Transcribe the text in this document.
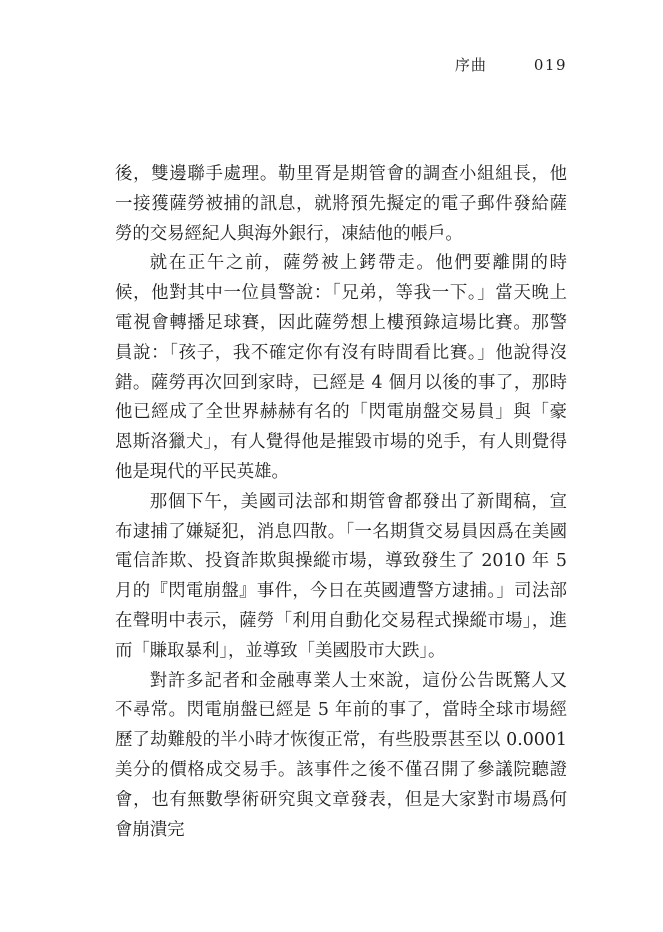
序曲	019

後，雙邊聯手處理。勒里胥是期管會的調查小組組長，他一接獲薩勞被捕的訊息，就將預先擬定的電子郵件發給薩勞的交易經紀人與海外銀行，凍結他的帳戶。

就在正午之前，薩勞被上銬帶走。他們要離開的時候，他對其中一位員警說：「兄弟，等我一下。」當天晚上電視會轉播足球賽，因此薩勞想上樓預錄這場比賽。那警員說：「孩子，我不確定你有沒有時間看比賽。」他說得沒錯。薩勞再次回到家時，已經是 4 個月以後的事了，那時他已經成了全世界赫赫有名的「閃電崩盤交易員」與「豪恩斯洛獵犬」，有人覺得他是摧毀市場的兇手，有人則覺得他是現代的平民英雄。

那個下午，美國司法部和期管會都發出了新聞稿，宣布逮捕了嫌疑犯，消息四散。「一名期貨交易員因爲在美國電信詐欺、投資詐欺與操縱市場，導致發生了 2010 年 5 月的『閃電崩盤』事件，今日在英國遭警方逮捕。」司法部在聲明中表示，薩勞「利用自動化交易程式操縱市場」，進而「賺取暴利」，並導致「美國股市大跌」。

對許多記者和金融專業人士來說，這份公告既驚人又不尋常。閃電崩盤已經是 5 年前的事了，當時全球市場經歷了劫難般的半小時才恢復正常，有些股票甚至以 0.0001 美分的價格成交易手。該事件之後不僅召開了參議院聽證會，也有無數學術研究與文章發表，但是大家對市場爲何會崩潰完
